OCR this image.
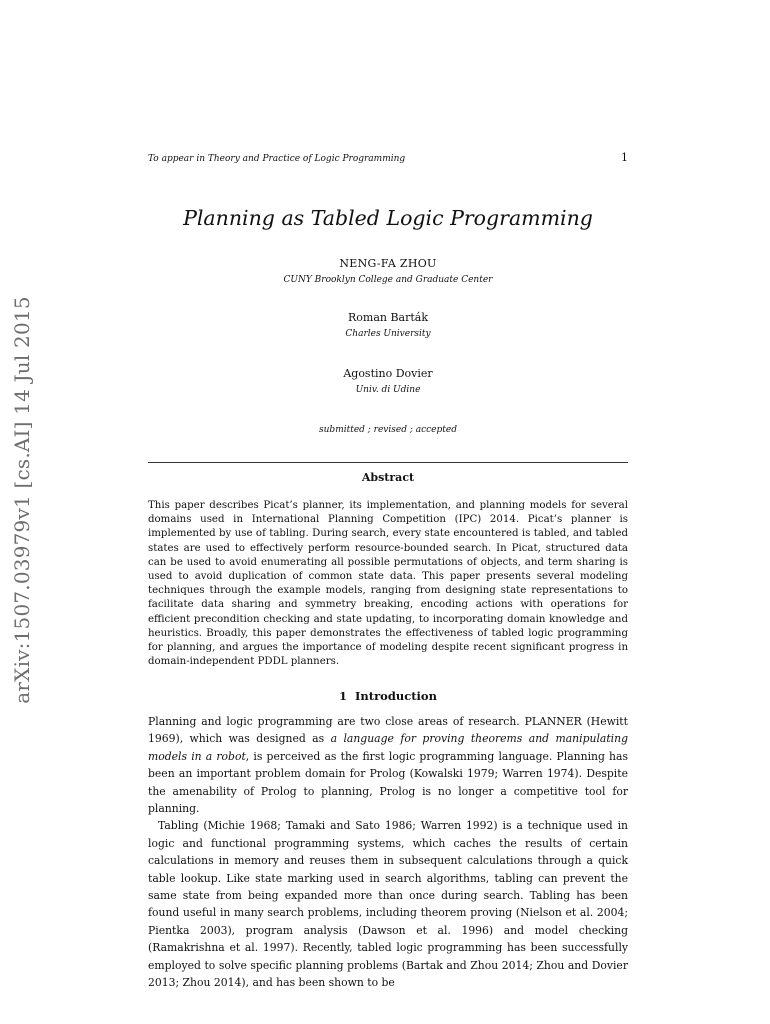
To appear in Theory and Practice of Logic Programming	1
arXiv:1507.03979v1 [cs.AI] 14 Jul 2015
Planning as Tabled Logic Programming
NENG-FA ZHOU
CUNY Brooklyn College and Graduate Center
Roman Barták
Charles University
Agostino Dovier
Univ. di Udine
submitted ; revised ; accepted
Abstract

This paper describes Picat’s planner, its implementation, and planning models for several domains used in International Planning Competition (IPC) 2014. Picat’s planner is implemented by use of tabling. During search, every state encountered is tabled, and tabled states are used to effectively perform resource-bounded search. In Picat, structured data can be used to avoid enumerating all possible permutations of objects, and term sharing is used to avoid duplication of common state data. This paper presents several modeling techniques through the example models, ranging from designing state representations to facilitate data sharing and symmetry breaking, encoding actions with operations for efficient precondition checking and state updating, to incorporating domain knowledge and heuristics. Broadly, this paper demonstrates the effectiveness of tabled logic programming for planning, and argues the importance of modeling despite recent significant progress in domain-independent PDDL planners.

1 Introduction

Planning and logic programming are two close areas of research. PLANNER (Hewitt 1969), which was designed as a language for proving theorems and manipulating models in a robot, is perceived as the first logic programming language. Planning has been an important problem domain for Prolog (Kowalski 1979; Warren 1974). Despite the amenability of Prolog to planning, Prolog is no longer a competitive tool for planning.

Tabling (Michie 1968; Tamaki and Sato 1986; Warren 1992) is a technique used in logic and functional programming systems, which caches the results of certain calculations in memory and reuses them in subsequent calculations through a quick table lookup. Like state marking used in search algorithms, tabling can prevent the same state from being expanded more than once during search. Tabling has been found useful in many search problems, including theorem proving (Nielson et al. 2004; Pientka 2003), program analysis (Dawson et al. 1996) and model checking (Ramakrishna et al. 1997). Recently, tabled logic programming has been successfully employed to solve specific planning problems (Bartak and Zhou 2014; Zhou and Dovier 2013; Zhou 2014), and has been shown to be
